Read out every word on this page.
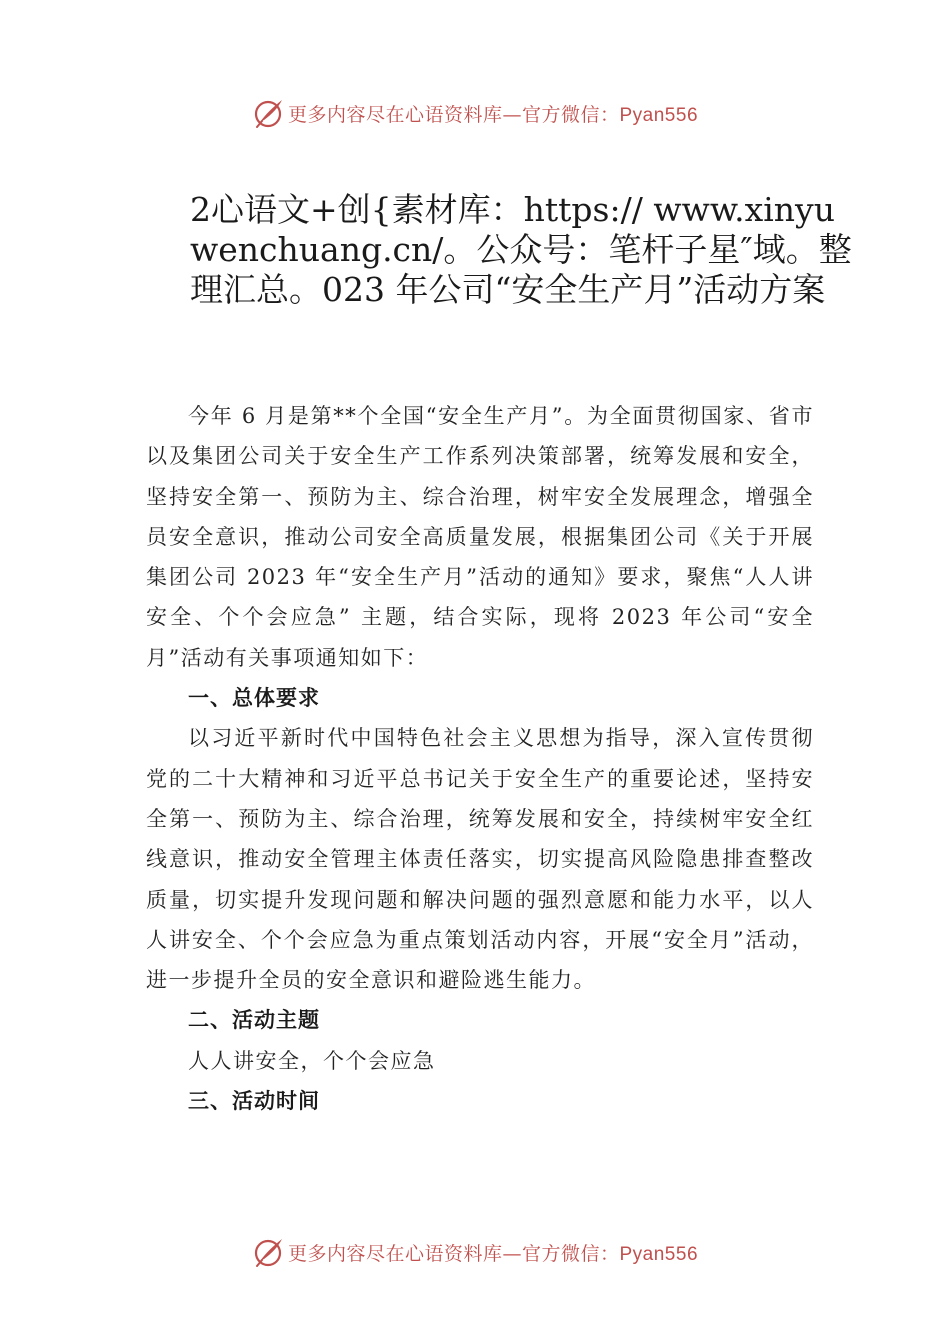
更多内容尽在心语资料库—官方微信：Pyan556
2心语文+创{素材库：https:// www.xinyuwenchuang.cn/。公众号：笔杆子星″域。整理汇总。023 年公司“安全生产月”活动方案

今年 6 月是第**个全国“安全生产月”。为全面贯彻国家、省市以及集团公司关于安全生产工作系列决策部署，统筹发展和安全，坚持安全第一、预防为主、综合治理，树牢安全发展理念，增强全员安全意识，推动公司安全高质量发展，根据集团公司《关于开展集团公司 2023 年“安全生产月”活动的通知》要求，聚焦“人人讲安全、个个会应急” 主题，结合实际，现将 2023 年公司“安全月”活动有关事项通知如下：

一、总体要求

以习近平新时代中国特色社会主义思想为指导，深入宣传贯彻党的二十大精神和习近平总书记关于安全生产的重要论述，坚持安全第一、预防为主、综合治理，统筹发展和安全，持续树牢安全红线意识，推动安全管理主体责任落实，切实提高风险隐患排查整改质量，切实提升发现问题和解决问题的强烈意愿和能力水平，以人人讲安全、个个会应急为重点策划活动内容，开展“安全月”活动，进一步提升全员的安全意识和避险逃生能力。

二、活动主题

人人讲安全，个个会应急

三、活动时间

更多内容尽在心语资料库—官方微信：Pyan556
